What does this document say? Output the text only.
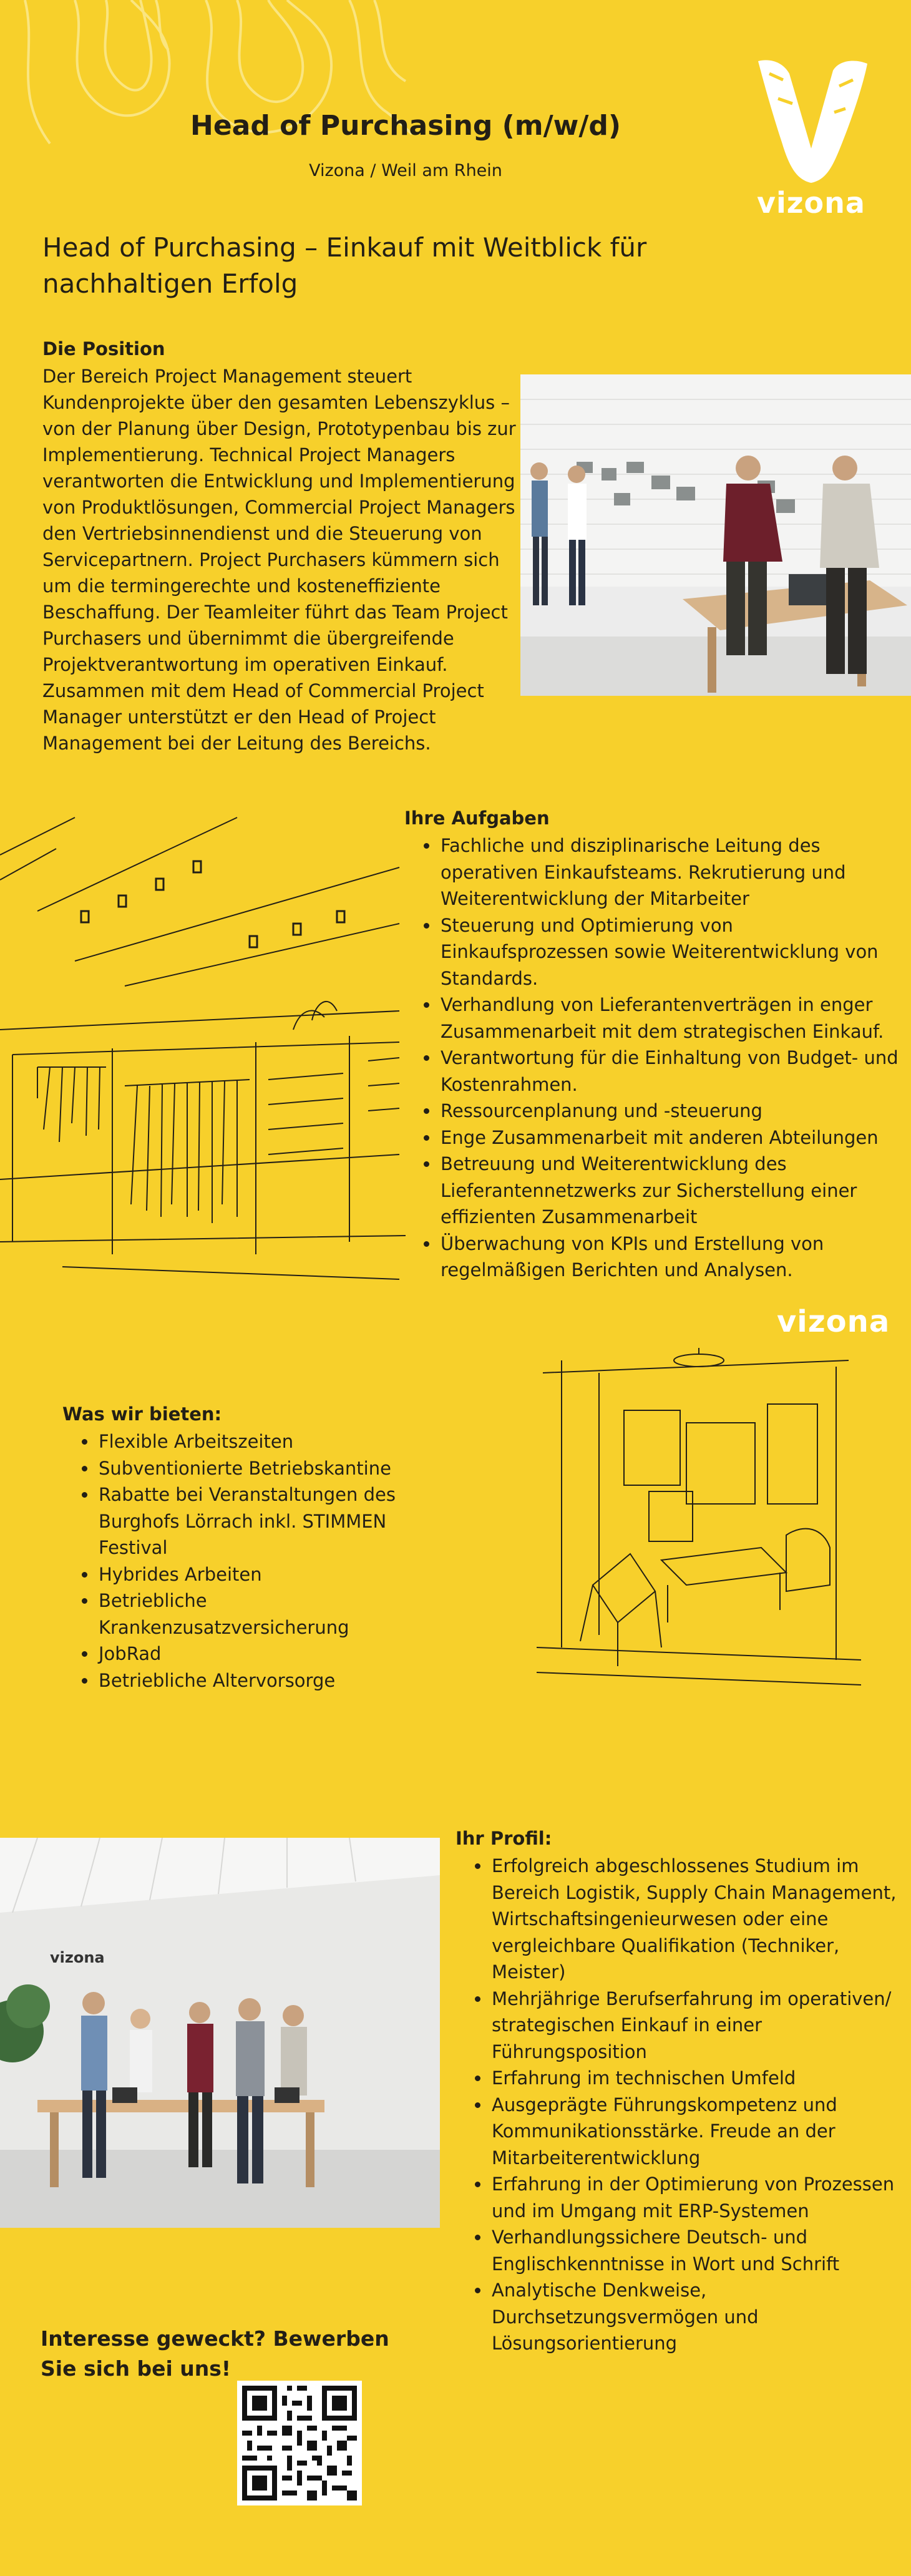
vizona
Head of Purchasing (m/w/d)

Vizona / Weil am Rhein

Head of Purchasing – Einkauf mit Weitblick für nachhaltigen Erfolg

Die Position

Der Bereich Project Management steuert Kundenprojekte über den gesamten Lebenszyklus – von der Planung über Design, Prototypenbau bis zur Implementierung. Technical Project Managers verantworten die Entwicklung und Implementierung von Produktlösungen, Commercial Project Managers den Vertriebsinnendienst und die Steuerung von Servicepartnern. Project Purchasers kümmern sich um die termingerechte und kosteneffiziente Beschaffung. Der Teamleiter führt das Team Project Purchasers und übernimmt die übergreifende Projektverantwortung im operativen Einkauf. Zusammen mit dem Head of Commercial Project Manager unterstützt er den Head of Project Management bei der Leitung des Bereichs.

Ihre Aufgaben

• Fachliche und disziplinarische Leitung des operativen Einkaufsteams. Rekrutierung und Weiterentwicklung der Mitarbeiter
• Steuerung und Optimierung von Einkaufsprozessen sowie Weiterentwicklung von Standards.
• Verhandlung von Lieferantenverträgen in enger Zusammenarbeit mit dem strategischen Einkauf.
• Verantwortung für die Einhaltung von Budget- und Kostenrahmen.
• Ressourcenplanung und -steuerung
• Enge Zusammenarbeit mit anderen Abteilungen
• Betreuung und Weiterentwicklung des Lieferantennetzwerks zur Sicherstellung einer effizienten Zusammenarbeit
• Überwachung von KPIs und Erstellung von regelmäßigen Berichten und Analysen.
vizona

Was wir bieten:

• Flexible Arbeitszeiten
• Subventionierte Betriebskantine
• Rabatte bei Veranstaltungen des Burghofs Lörrach inkl. STIMMEN Festival
• Hybrides Arbeiten
• Betriebliche Krankenzusatzversicherung
• JobRad
• Betriebliche Altervorsorge
vizona

Ihr Profil:

• Erfolgreich abgeschlossenes Studium im Bereich Logistik, Supply Chain Management, Wirtschaftsingenieurwesen oder eine vergleichbare Qualifikation (Techniker, Meister)
• Mehrjährige Berufserfahrung im operativen/ strategischen Einkauf in einer Führungsposition
• Erfahrung im technischen Umfeld
• Ausgeprägte Führungskompetenz und Kommunikationsstärke. Freude an der Mitarbeiterentwicklung
• Erfahrung in der Optimierung von Prozessen und im Umgang mit ERP-Systemen
• Verhandlungssichere Deutsch- und Englischkenntnisse in Wort und Schrift
• Analytische Denkweise, Durchsetzungsvermögen und Lösungsorientierung

Interesse geweckt? Bewerben Sie sich bei uns!
